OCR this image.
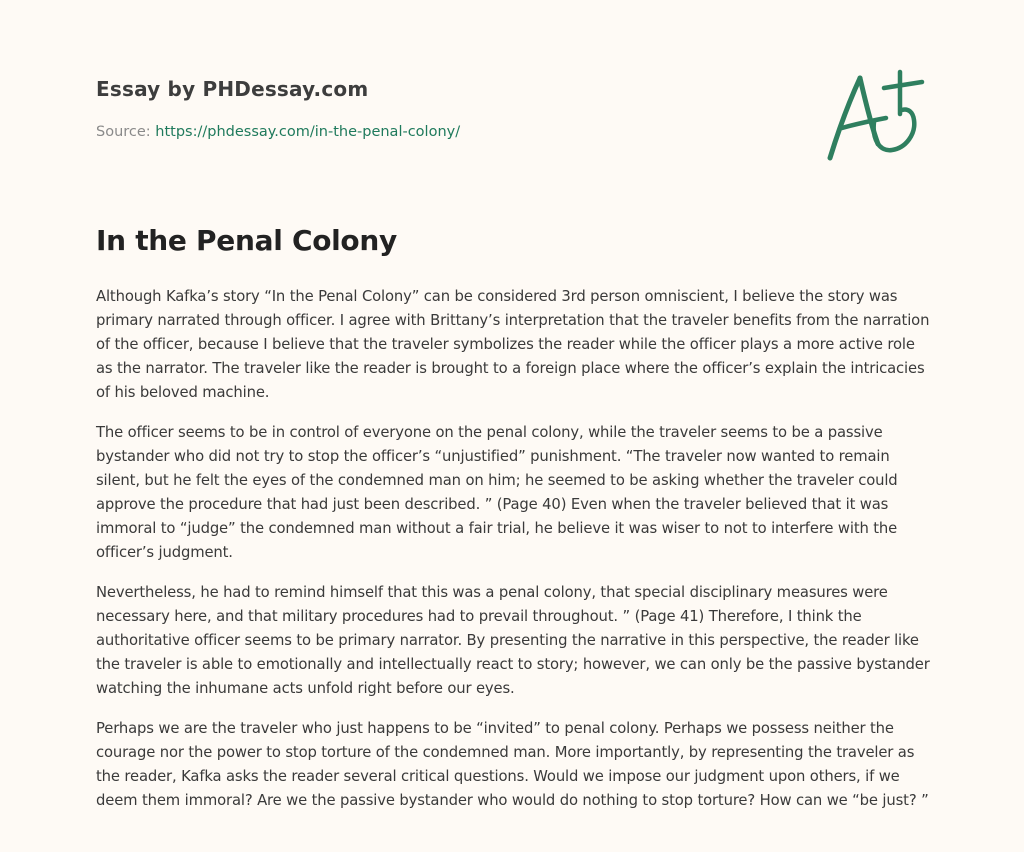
Essay by PHDessay.com
Source: https://phdessay.com/in-the-penal-colony/
In the Penal Colony

Although Kafka’s story “In the Penal Colony” can be considered 3rd person omniscient, I believe the story was primary narrated through officer. I agree with Brittany’s interpretation that the traveler benefits from the narration of the officer, because I believe that the traveler symbolizes the reader while the officer plays a more active role as the narrator. The traveler like the reader is brought to a foreign place where the officer’s explain the intricacies of his beloved machine.

The officer seems to be in control of everyone on the penal colony, while the traveler seems to be a passive bystander who did not try to stop the officer’s “unjustified” punishment. “The traveler now wanted to remain silent, but he felt the eyes of the condemned man on him; he seemed to be asking whether the traveler could approve the procedure that had just been described. ” (Page 40) Even when the traveler believed that it was immoral to “judge” the condemned man without a fair trial, he believe it was wiser to not to interfere with the officer’s judgment.

Nevertheless, he had to remind himself that this was a penal colony, that special disciplinary measures were necessary here, and that military procedures had to prevail throughout. ” (Page 41) Therefore, I think the authoritative officer seems to be primary narrator. By presenting the narrative in this perspective, the reader like the traveler is able to emotionally and intellectually react to story; however, we can only be the passive bystander watching the inhumane acts unfold right before our eyes.

Perhaps we are the traveler who just happens to be “invited” to penal colony. Perhaps we possess neither the courage nor the power to stop torture of the condemned man. More importantly, by representing the traveler as the reader, Kafka asks the reader several critical questions. Would we impose our judgment upon others, if we deem them immoral? Are we the passive bystander who would do nothing to stop torture? How can we “be just? ”
